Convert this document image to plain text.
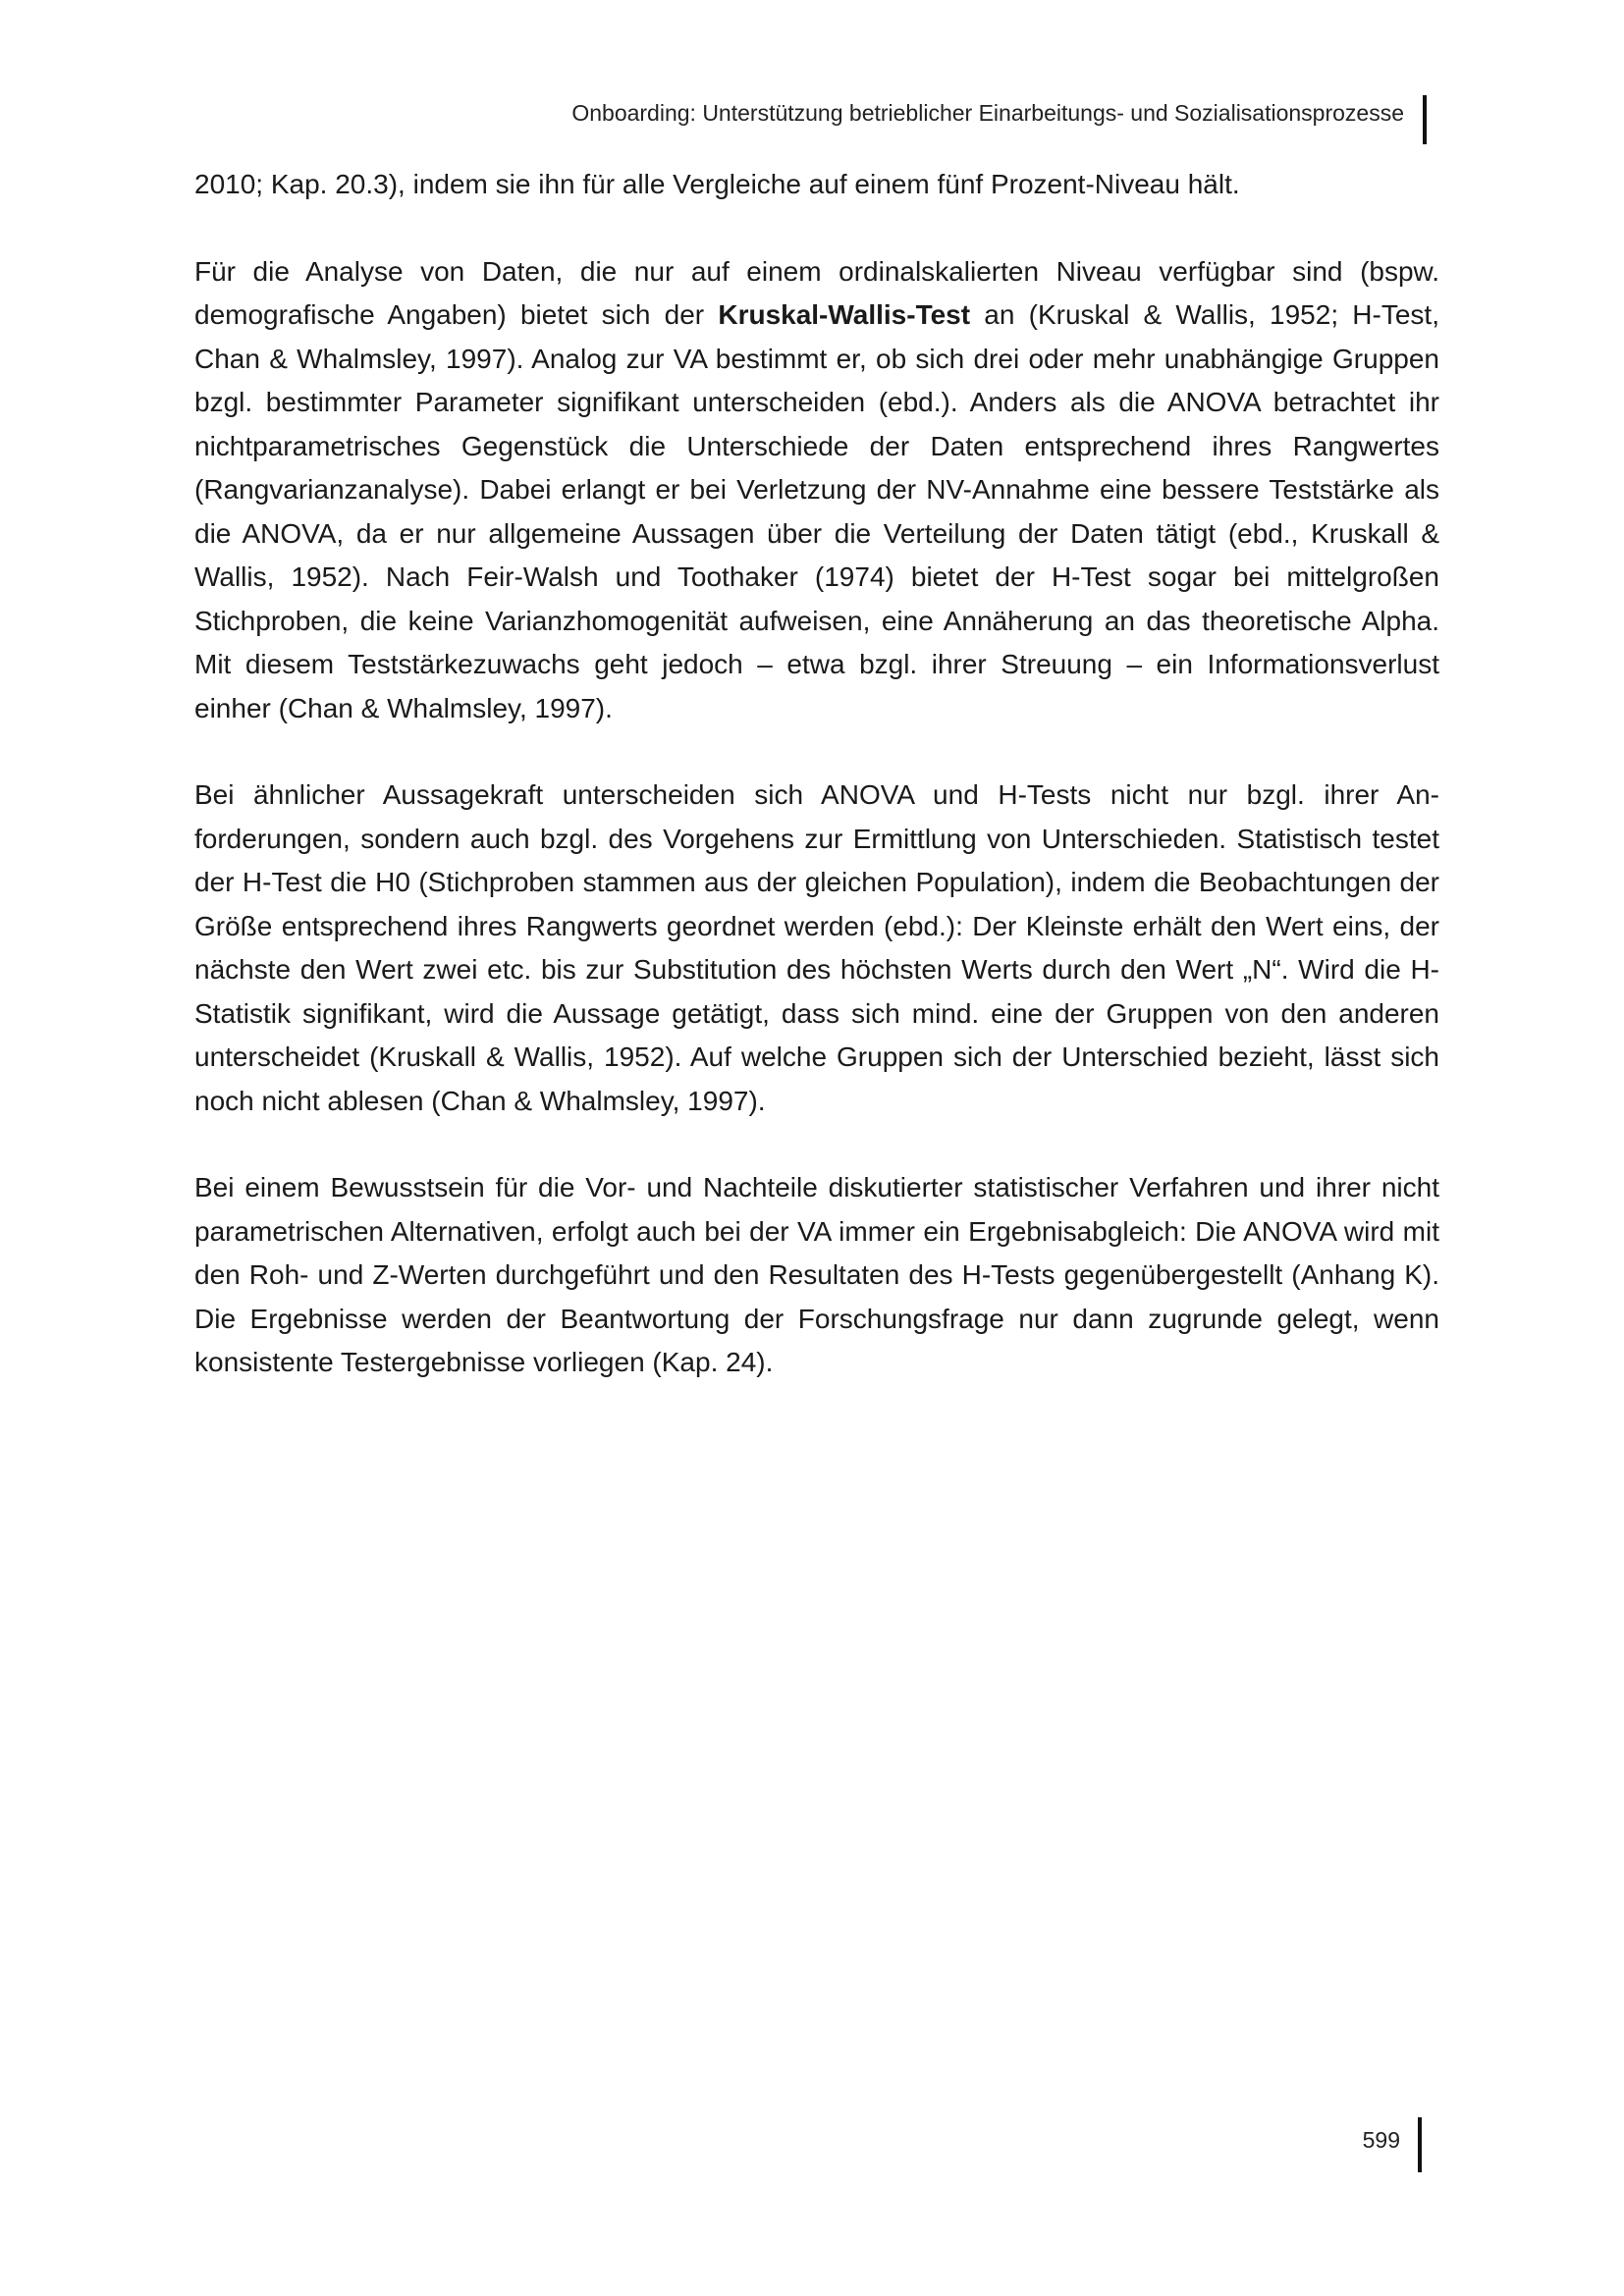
Onboarding: Unterstützung betrieblicher Einarbeitungs- und Sozialisationsprozesse

2010; Kap. 20.3), indem sie ihn für alle Vergleiche auf einem fünf Prozent-Niveau hält.

Für die Analyse von Daten, die nur auf einem ordinalskalierten Niveau verfügbar sind (bspw. demografische Angaben) bietet sich der Kruskal-Wallis-Test an (Kruskal & Wallis, 1952; H-Test, Chan & Whalmsley, 1997). Analog zur VA bestimmt er, ob sich drei oder mehr unabhängige Gruppen bzgl. bestimmter Parameter signifikant unterscheiden (ebd.). Anders als die ANOVA betrachtet ihr nichtparametrisches Gegenstück die Unterschiede der Daten entsprechend ihres Rangwertes (Rangvarianzanalyse). Dabei erlangt er bei Verletzung der NV-Annahme eine bessere Teststärke als die ANOVA, da er nur allgemeine Aussagen über die Verteilung der Daten tätigt (ebd., Kruskall & Wallis, 1952). Nach Feir-Walsh und Toothaker (1974) bietet der H-Test sogar bei mittelgroßen Stichproben, die keine Varianzhomogenität aufweisen, eine Annäherung an das theoretische Alpha. Mit diesem Teststärkezuwachs geht jedoch – etwa bzgl. ihrer Streuung – ein Informationsverlust einher (Chan & Whalmsley, 1997).

Bei ähnlicher Aussagekraft unterscheiden sich ANOVA und H-Tests nicht nur bzgl. ihrer Anforderungen, sondern auch bzgl. des Vorgehens zur Ermittlung von Unterschieden. Statistisch testet der H-Test die H0 (Stichproben stammen aus der gleichen Population), indem die Beobachtungen der Größe entsprechend ihres Rangwerts geordnet werden (ebd.): Der Kleinste erhält den Wert eins, der nächste den Wert zwei etc. bis zur Substitution des höchsten Werts durch den Wert „N“. Wird die H-Statistik signifikant, wird die Aussage getätigt, dass sich mind. eine der Gruppen von den anderen unterscheidet (Kruskall & Wallis, 1952). Auf welche Gruppen sich der Unterschied bezieht, lässt sich noch nicht ablesen (Chan & Whalmsley, 1997).

Bei einem Bewusstsein für die Vor- und Nachteile diskutierter statistischer Verfahren und ihrer nicht parametrischen Alternativen, erfolgt auch bei der VA immer ein Ergebnisabgleich: Die ANOVA wird mit den Roh- und Z-Werten durchgeführt und den Resultaten des H-Tests gegenübergestellt (Anhang K). Die Ergebnisse werden der Beantwortung der Forschungsfrage nur dann zugrunde gelegt, wenn konsistente Testergebnisse vorliegen (Kap. 24).

599
